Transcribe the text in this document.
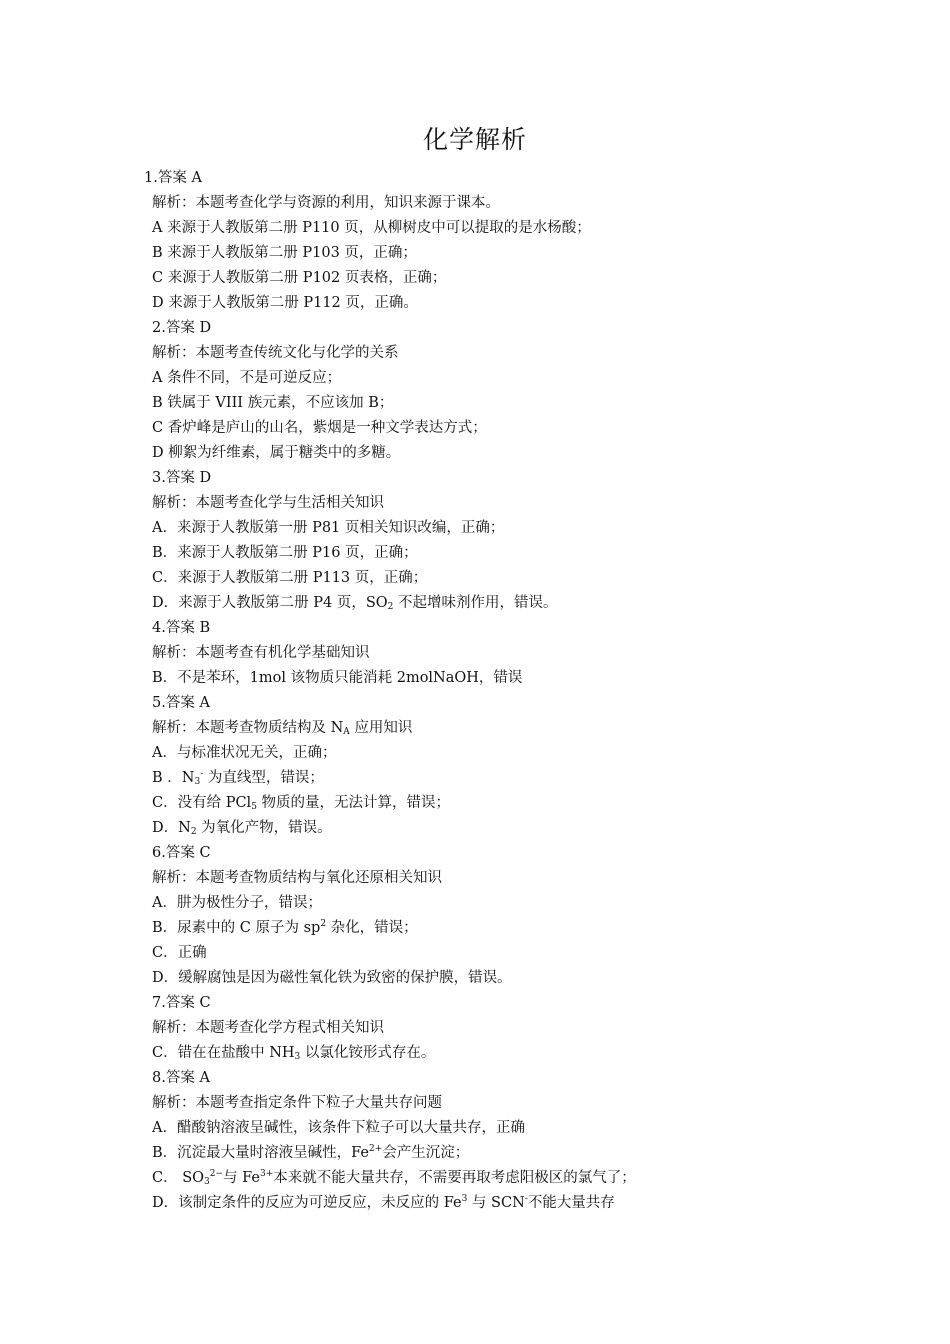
化学解析
1.答案 A
解析：本题考查化学与资源的利用，知识来源于课本。
A 来源于人教版第二册 P110 页，从柳树皮中可以提取的是水杨酸；
B 来源于人教版第二册 P103 页，正确；
C 来源于人教版第二册 P102 页表格，正确；
D 来源于人教版第二册 P112 页，正确。
2.答案 D
解析：本题考查传统文化与化学的关系
A 条件不同，不是可逆反应；
B 铁属于 VIII 族元素，不应该加 B；
C 香炉峰是庐山的山名，紫烟是一种文学表达方式；
D 柳絮为纤维素，属于糖类中的多糖。
3.答案 D
解析：本题考查化学与生活相关知识
A．来源于人教版第一册 P81 页相关知识改编，正确；
B．来源于人教版第二册 P16 页，正确；
C．来源于人教版第二册 P113 页，正确；
D．来源于人教版第二册 P4 页，$SO_2$ 不起增味剂作用，错误。
4.答案 B
解析：本题考查有机化学基础知识
B．不是苯环，1mol 该物质只能消耗 2molNaOH，错误
5.答案 A
解析：本题考查物质结构及 $N_A$ 应用知识
A．与标准状况无关，正确；
B ．$N_3^-$ 为直线型，错误；
C．没有给 PCl$_5$ 物质的量，无法计算，错误；
D．$N_2$ 为氧化产物，错误。
6.答案 C
解析：本题考查物质结构与氧化还原相关知识
A．肼为极性分子，错误；
B．尿素中的 C 原子为 $sp^2$ 杂化，错误；
C．正确
D．缓解腐蚀是因为磁性氧化铁为致密的保护膜，错误。
7.答案 C
解析：本题考查化学方程式相关知识
C．错在在盐酸中 $NH_3$ 以氯化铵形式存在。
8.答案 A
解析：本题考查指定条件下粒子大量共存问题
A．醋酸钠溶液呈碱性，该条件下粒子可以大量共存，正确
B．沉淀最大量时溶液呈碱性，$Fe^{2+}$会产生沉淀；
C． $SO_3^{2-}$与 $Fe^{3+}$本来就不能大量共存，不需要再取考虑阳极区的氯气了；
D．该制定条件的反应为可逆反应，未反应的 Fe$^3$ 与 SCN-不能大量共存
